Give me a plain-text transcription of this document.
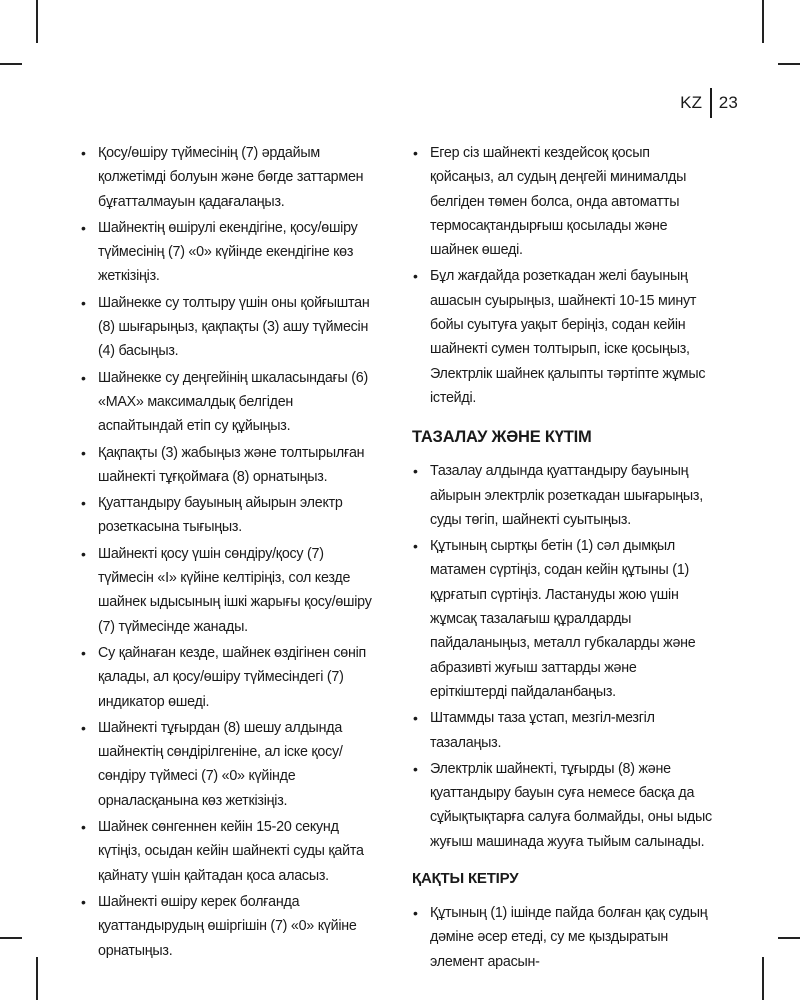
KZ 23
• Қосу/өшіру түймесінің (7) әрдайым қолжетімді болуын және бөгде заттармен бұғатталмауын қадағалаңыз.
• Шайнектің өшірулі екендігіне, қосу/өшіру түймесінің (7) «0» күйінде екендігіне көз жеткізіңіз.
• Шайнекке су толтыру үшін оны қойғыштан (8) шығарыңыз, қақпақты (3) ашу түймесін (4) басыңыз.
• Шайнекке су деңгейінің шкаласындағы (6) «MAX» максималдық белгіден аспайтындай етіп су құйыңыз.
• Қақпақты (3) жабыңыз және толтырылған шайнекті тұғқоймаға (8) орнатыңыз.
• Қуаттандыру бауының айырын электр розеткасына тығыңыз.
• Шайнекті қосу үшін сөндіру/қосу (7) түймесін «I» күйіне келтіріңіз, сол кезде шайнек ыдысының ішкі жарығы қосу/өшіру (7) түймесінде жанады.
• Су қайнаған кезде, шайнек өздігінен сөніп қалады, ал қосу/өшіру түймесіндегі (7) индикатор өшеді.
• Шайнекті тұғырдан (8) шешу алдында шайнектің сөндірілгеніне, ал іске қосу/сөндіру түймесі (7) «0» күйінде орналасқанына көз жеткізіңіз.
• Шайнек сөнгеннен кейін 15-20 секунд күтіңіз, осыдан кейін шайнекті суды қайта қайнату үшін қайтадан қоса аласыз.
• Шайнекті өшіру керек болғанда қуаттандырудың өшіргішін (7) «0» күйіне орнатыңыз.
• Егер сіз шайнекті кездейсоқ қосып қойсаңыз, ал судың деңгейі минималды белгіден төмен болса, онда автоматты термосақтандырғыш қосылады және шайнек өшеді.
• Бұл жағдайда розеткадан желі бауының ашасын суырыңыз, шайнекті 10-15 минут бойы суытуға уақыт беріңіз, содан кейін шайнекті сумен толтырып, іске қосыңыз, Электрлік шайнек қалыпты тәртіпте жұмыс істейді.
ТАЗАЛАУ ЖӘНЕ КҮТІМ
• Тазалау алдында қуаттандыру бауының айырын электрлік розеткадан шығарыңыз, суды төгіп, шайнекті суытыңыз.
• Құтының сыртқы бетін (1) сәл дымқыл матамен сүртіңіз, содан кейін құтыны (1) құрғатып сүртіңіз. Ластануды жою үшін жұмсақ тазалағыш құралдарды пайдаланыңыз, металл губкаларды және абразивті жуғыш заттарды және еріткіштерді пайдаланбаңыз.
• Штаммды таза ұстап, мезгіл-мезгіл тазалаңыз.
• Электрлік шайнекті, тұғырды (8) және қуаттандыру бауын суға немесе басқа да сұйықтықтарға салуға болмайды, оны ыдыс жуғыш машинада жууға тыйым салынады.
ҚАҚТЫ КЕТІРУ
• Құтының (1) ішінде пайда болған қақ судың дәміне әсер етеді, су ме қыздыратын элемент арасын-
